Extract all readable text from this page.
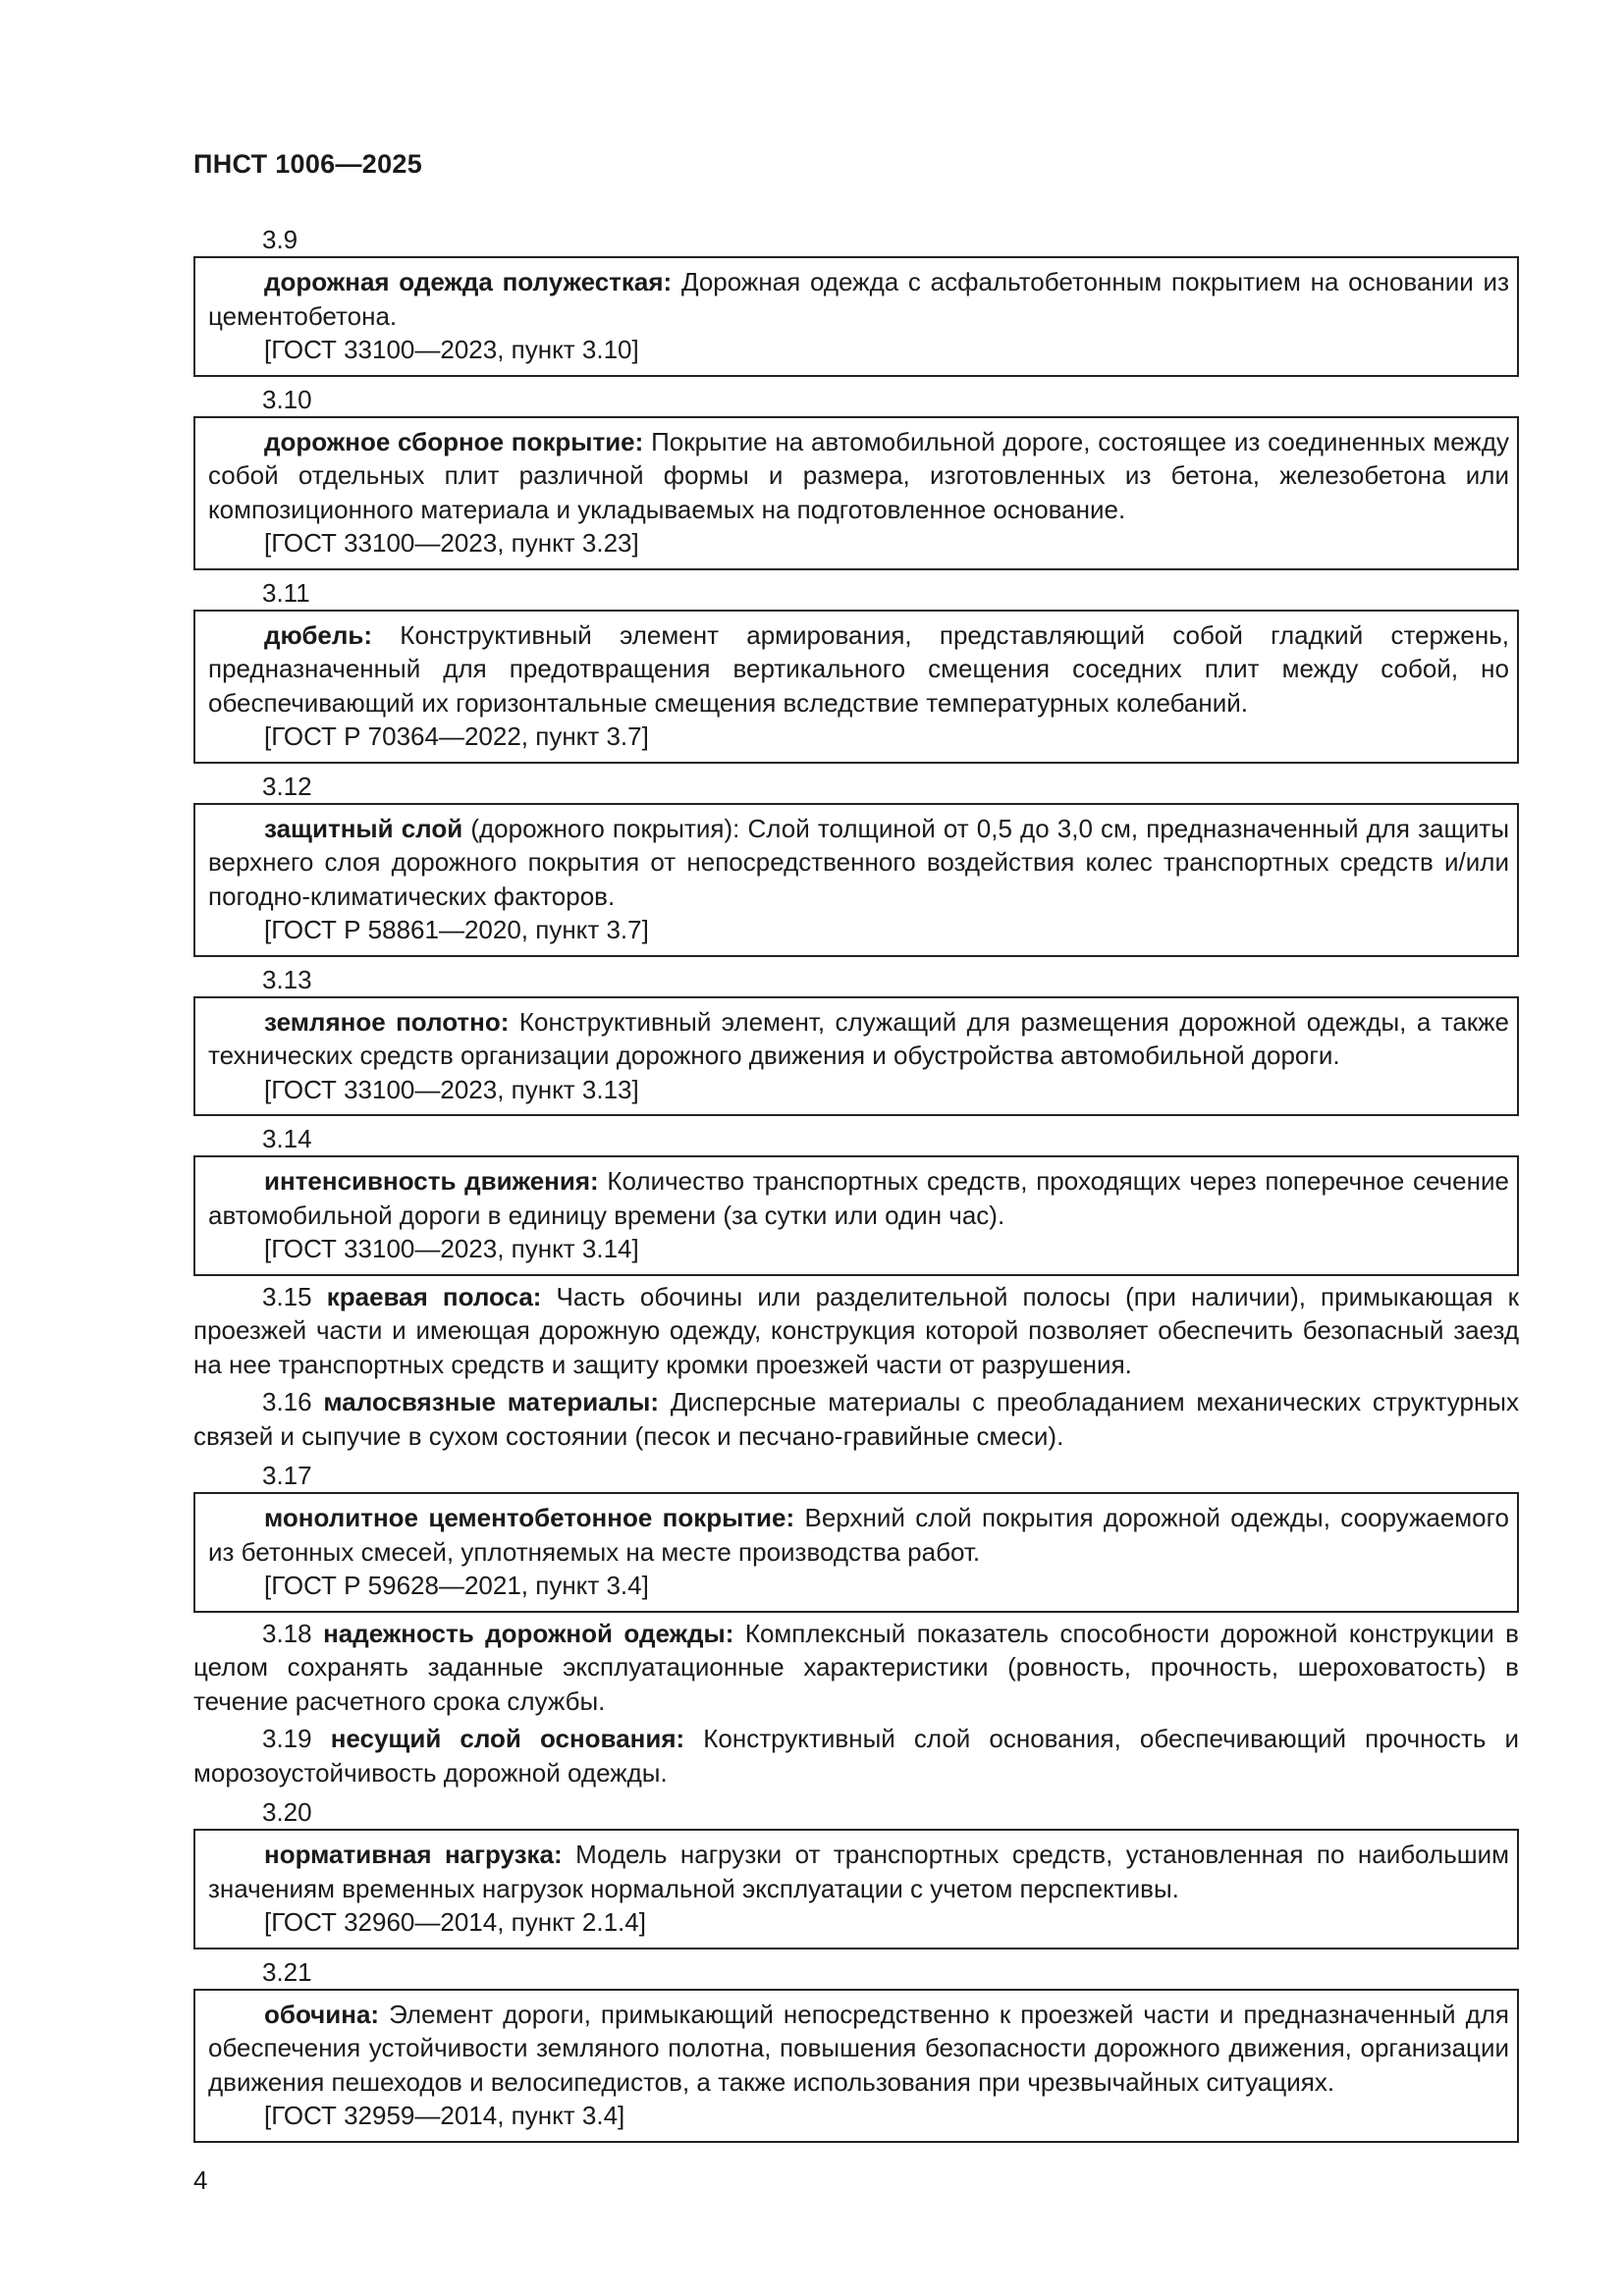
ПНСТ 1006—2025
3.9

дорожная одежда полужесткая: Дорожная одежда с асфальтобетонным покрытием на основании из цементобетона.

[ГОСТ 33100—2023, пункт 3.10]
3.10

дорожное сборное покрытие: Покрытие на автомобильной дороге, состоящее из соединенных между собой отдельных плит различной формы и размера, изготовленных из бетона, железобетона или композиционного материала и укладываемых на подготовленное основание.

[ГОСТ 33100—2023, пункт 3.23]
3.11

дюбель: Конструктивный элемент армирования, представляющий собой гладкий стержень, предназначенный для предотвращения вертикального смещения соседних плит между собой, но обеспечивающий их горизонтальные смещения вследствие температурных колебаний.

[ГОСТ Р 70364—2022, пункт 3.7]
3.12

защитный слой (дорожного покрытия): Слой толщиной от 0,5 до 3,0 см, предназначенный для защиты верхнего слоя дорожного покрытия от непосредственного воздействия колес транспортных средств и/или погодно-климатических факторов.

[ГОСТ Р 58861—2020, пункт 3.7]
3.13

земляное полотно: Конструктивный элемент, служащий для размещения дорожной одежды, а также технических средств организации дорожного движения и обустройства автомобильной дороги.

[ГОСТ 33100—2023, пункт 3.13]
3.14

интенсивность движения: Количество транспортных средств, проходящих через поперечное сечение автомобильной дороги в единицу времени (за сутки или один час).

[ГОСТ 33100—2023, пункт 3.14]

3.15 краевая полоса: Часть обочины или разделительной полосы (при наличии), примыкающая к проезжей части и имеющая дорожную одежду, конструкция которой позволяет обеспечить безопасный заезд на нее транспортных средств и защиту кромки проезжей части от разрушения.

3.16 малосвязные материалы: Дисперсные материалы с преобладанием механических структурных связей и сыпучие в сухом состоянии (песок и песчано-гравийные смеси).

3.17

монолитное цементобетонное покрытие: Верхний слой покрытия дорожной одежды, сооружаемого из бетонных смесей, уплотняемых на месте производства работ.

[ГОСТ Р 59628—2021, пункт 3.4]

3.18 надежность дорожной одежды: Комплексный показатель способности дорожной конструкции в целом сохранять заданные эксплуатационные характеристики (ровность, прочность, шероховатость) в течение расчетного срока службы.

3.19 несущий слой основания: Конструктивный слой основания, обеспечивающий прочность и морозоустойчивость дорожной одежды.

3.20

нормативная нагрузка: Модель нагрузки от транспортных средств, установленная по наибольшим значениям временных нагрузок нормальной эксплуатации с учетом перспективы.

[ГОСТ 32960—2014, пункт 2.1.4]
3.21

обочина: Элемент дороги, примыкающий непосредственно к проезжей части и предназначенный для обеспечения устойчивости земляного полотна, повышения безопасности дорожного движения, организации движения пешеходов и велосипедистов, а также использования при чрезвычайных ситуациях.

[ГОСТ 32959—2014, пункт 3.4]
4
